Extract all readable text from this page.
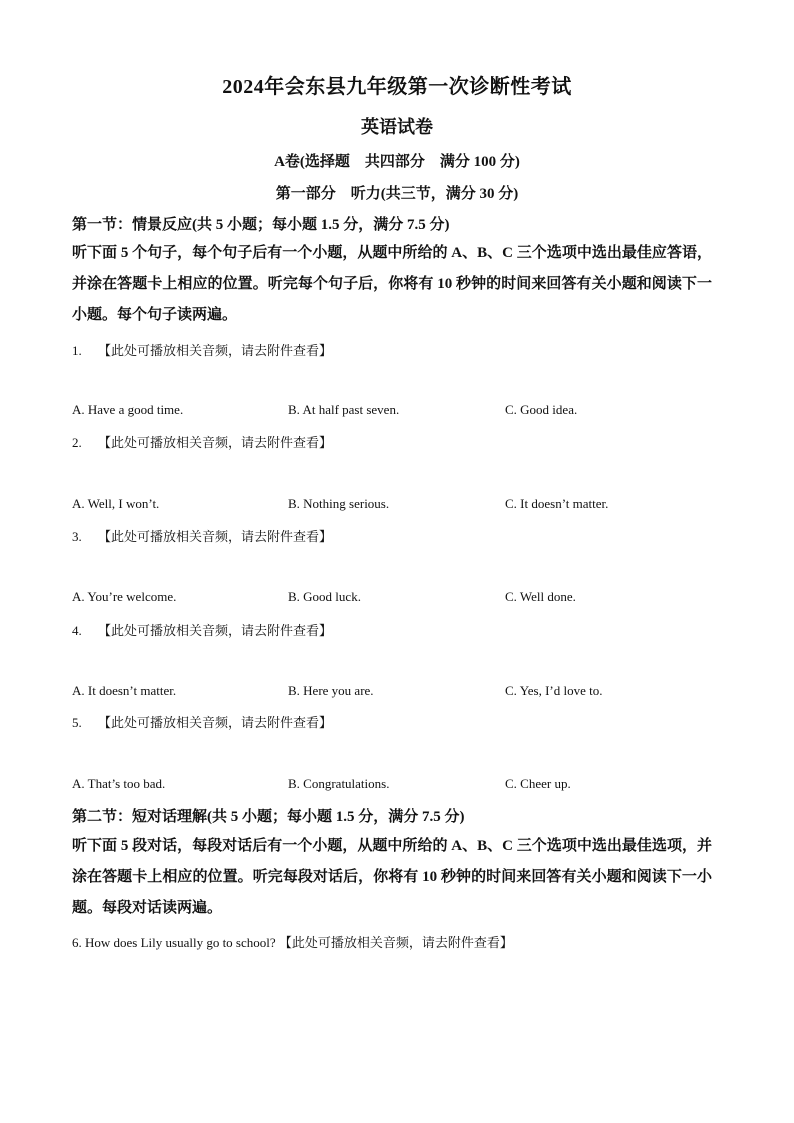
2024年会东县九年级第一次诊断性考试
英语试卷
A卷(选择题　共四部分　满分 100 分)
第一部分　听力(共三节，满分 30 分)
第一节：情景反应(共 5 小题；每小题 1.5 分，满分 7.5 分)
听下面 5 个句子，每个句子后有一个小题，从题中所给的 A、B、C 三个选项中选出最佳应答语，并涂在答题卡上相应的位置。听完每个句子后，你将有 10 秒钟的时间来回答有关小题和阅读下一小题。每个句子读两遍。
1. 【此处可播放相关音频，请去附件查看】
A. Have a good time.	B. At half past seven.	C. Good idea.
2. 【此处可播放相关音频，请去附件查看】
A. Well, I won’t.	B. Nothing serious.	C. It doesn’t matter.
3. 【此处可播放相关音频，请去附件查看】
A. You’re welcome.	B. Good luck.	C. Well done.
4. 【此处可播放相关音频，请去附件查看】
A. It doesn’t matter.	B. Here you are.	C. Yes, I’d love to.
5. 【此处可播放相关音频，请去附件查看】
A. That’s too bad.	B. Congratulations.	C. Cheer up.
第二节：短对话理解(共 5 小题；每小题 1.5 分，满分 7.5 分)
听下面 5 段对话，每段对话后有一个小题，从题中所给的 A、B、C 三个选项中选出最佳选项，并涂在答题卡上相应的位置。听完每段对话后，你将有 10 秒钟的时间来回答有关小题和阅读下一小题。每段对话读两遍。
6. How does Lily usually go to school? 【此处可播放相关音频，请去附件查看】
